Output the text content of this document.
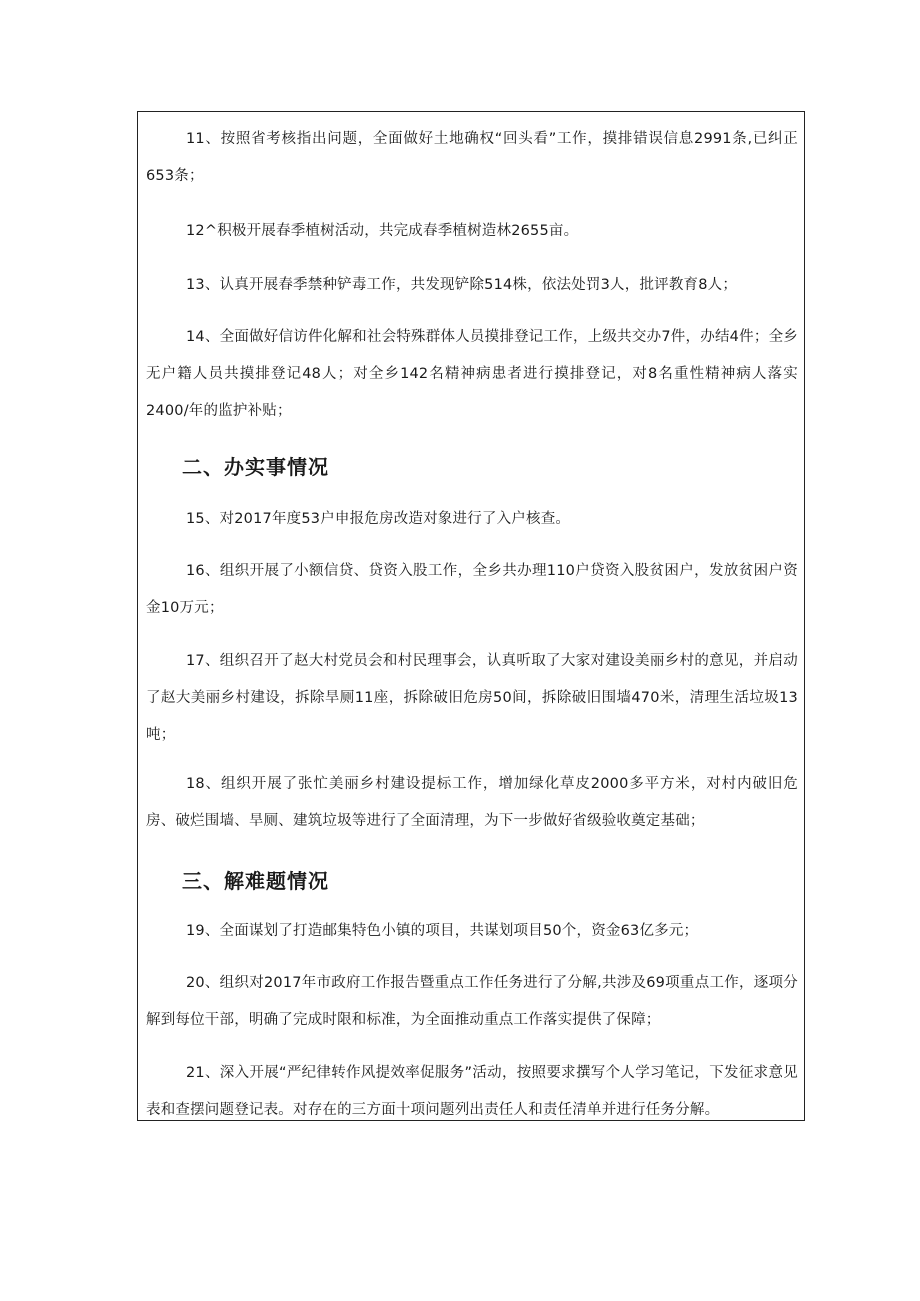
11、按照省考核指出问题，全面做好土地确权“回头看”工作，摸排错误信息2991条,已纠正653条；

12^积极开展春季植树活动，共完成春季植树造林2655亩。

13、认真开展春季禁种铲毒工作，共发现铲除514株，依法处罚3人，批评教育8人；

14、全面做好信访件化解和社会特殊群体人员摸排登记工作，上级共交办7件，办结4件；全乡无户籍人员共摸排登记48人；对全乡142名精神病患者进行摸排登记，对8名重性精神病人落实2400/年的监护补贴；

二、办实事情况

15、对2017年度53户申报危房改造对象进行了入户核查。

16、组织开展了小额信贷、贷资入股工作，全乡共办理110户贷资入股贫困户，发放贫困户资金10万元；

17、组织召开了赵大村党员会和村民理事会，认真听取了大家对建设美丽乡村的意见，并启动了赵大美丽乡村建设，拆除旱厕11座，拆除破旧危房50间，拆除破旧围墙470米，清理生活垃圾13吨；

18、组织开展了张忙美丽乡村建设提标工作，增加绿化草皮2000多平方米，对村内破旧危房、破烂围墙、旱厕、建筑垃圾等进行了全面清理，为下一步做好省级验收奠定基础；

三、解难题情况

19、全面谋划了打造邮集特色小镇的项目，共谋划项目50个，资金63亿多元；

20、组织对2017年市政府工作报告暨重点工作任务进行了分解,共涉及69项重点工作，逐项分解到每位干部，明确了完成时限和标准，为全面推动重点工作落实提供了保障；

21、深入开展“严纪律转作风提效率促服务”活动，按照要求撰写个人学习笔记，下发征求意见表和查摆问题登记表。对存在的三方面十项问题列出责任人和责任清单并进行任务分解。
